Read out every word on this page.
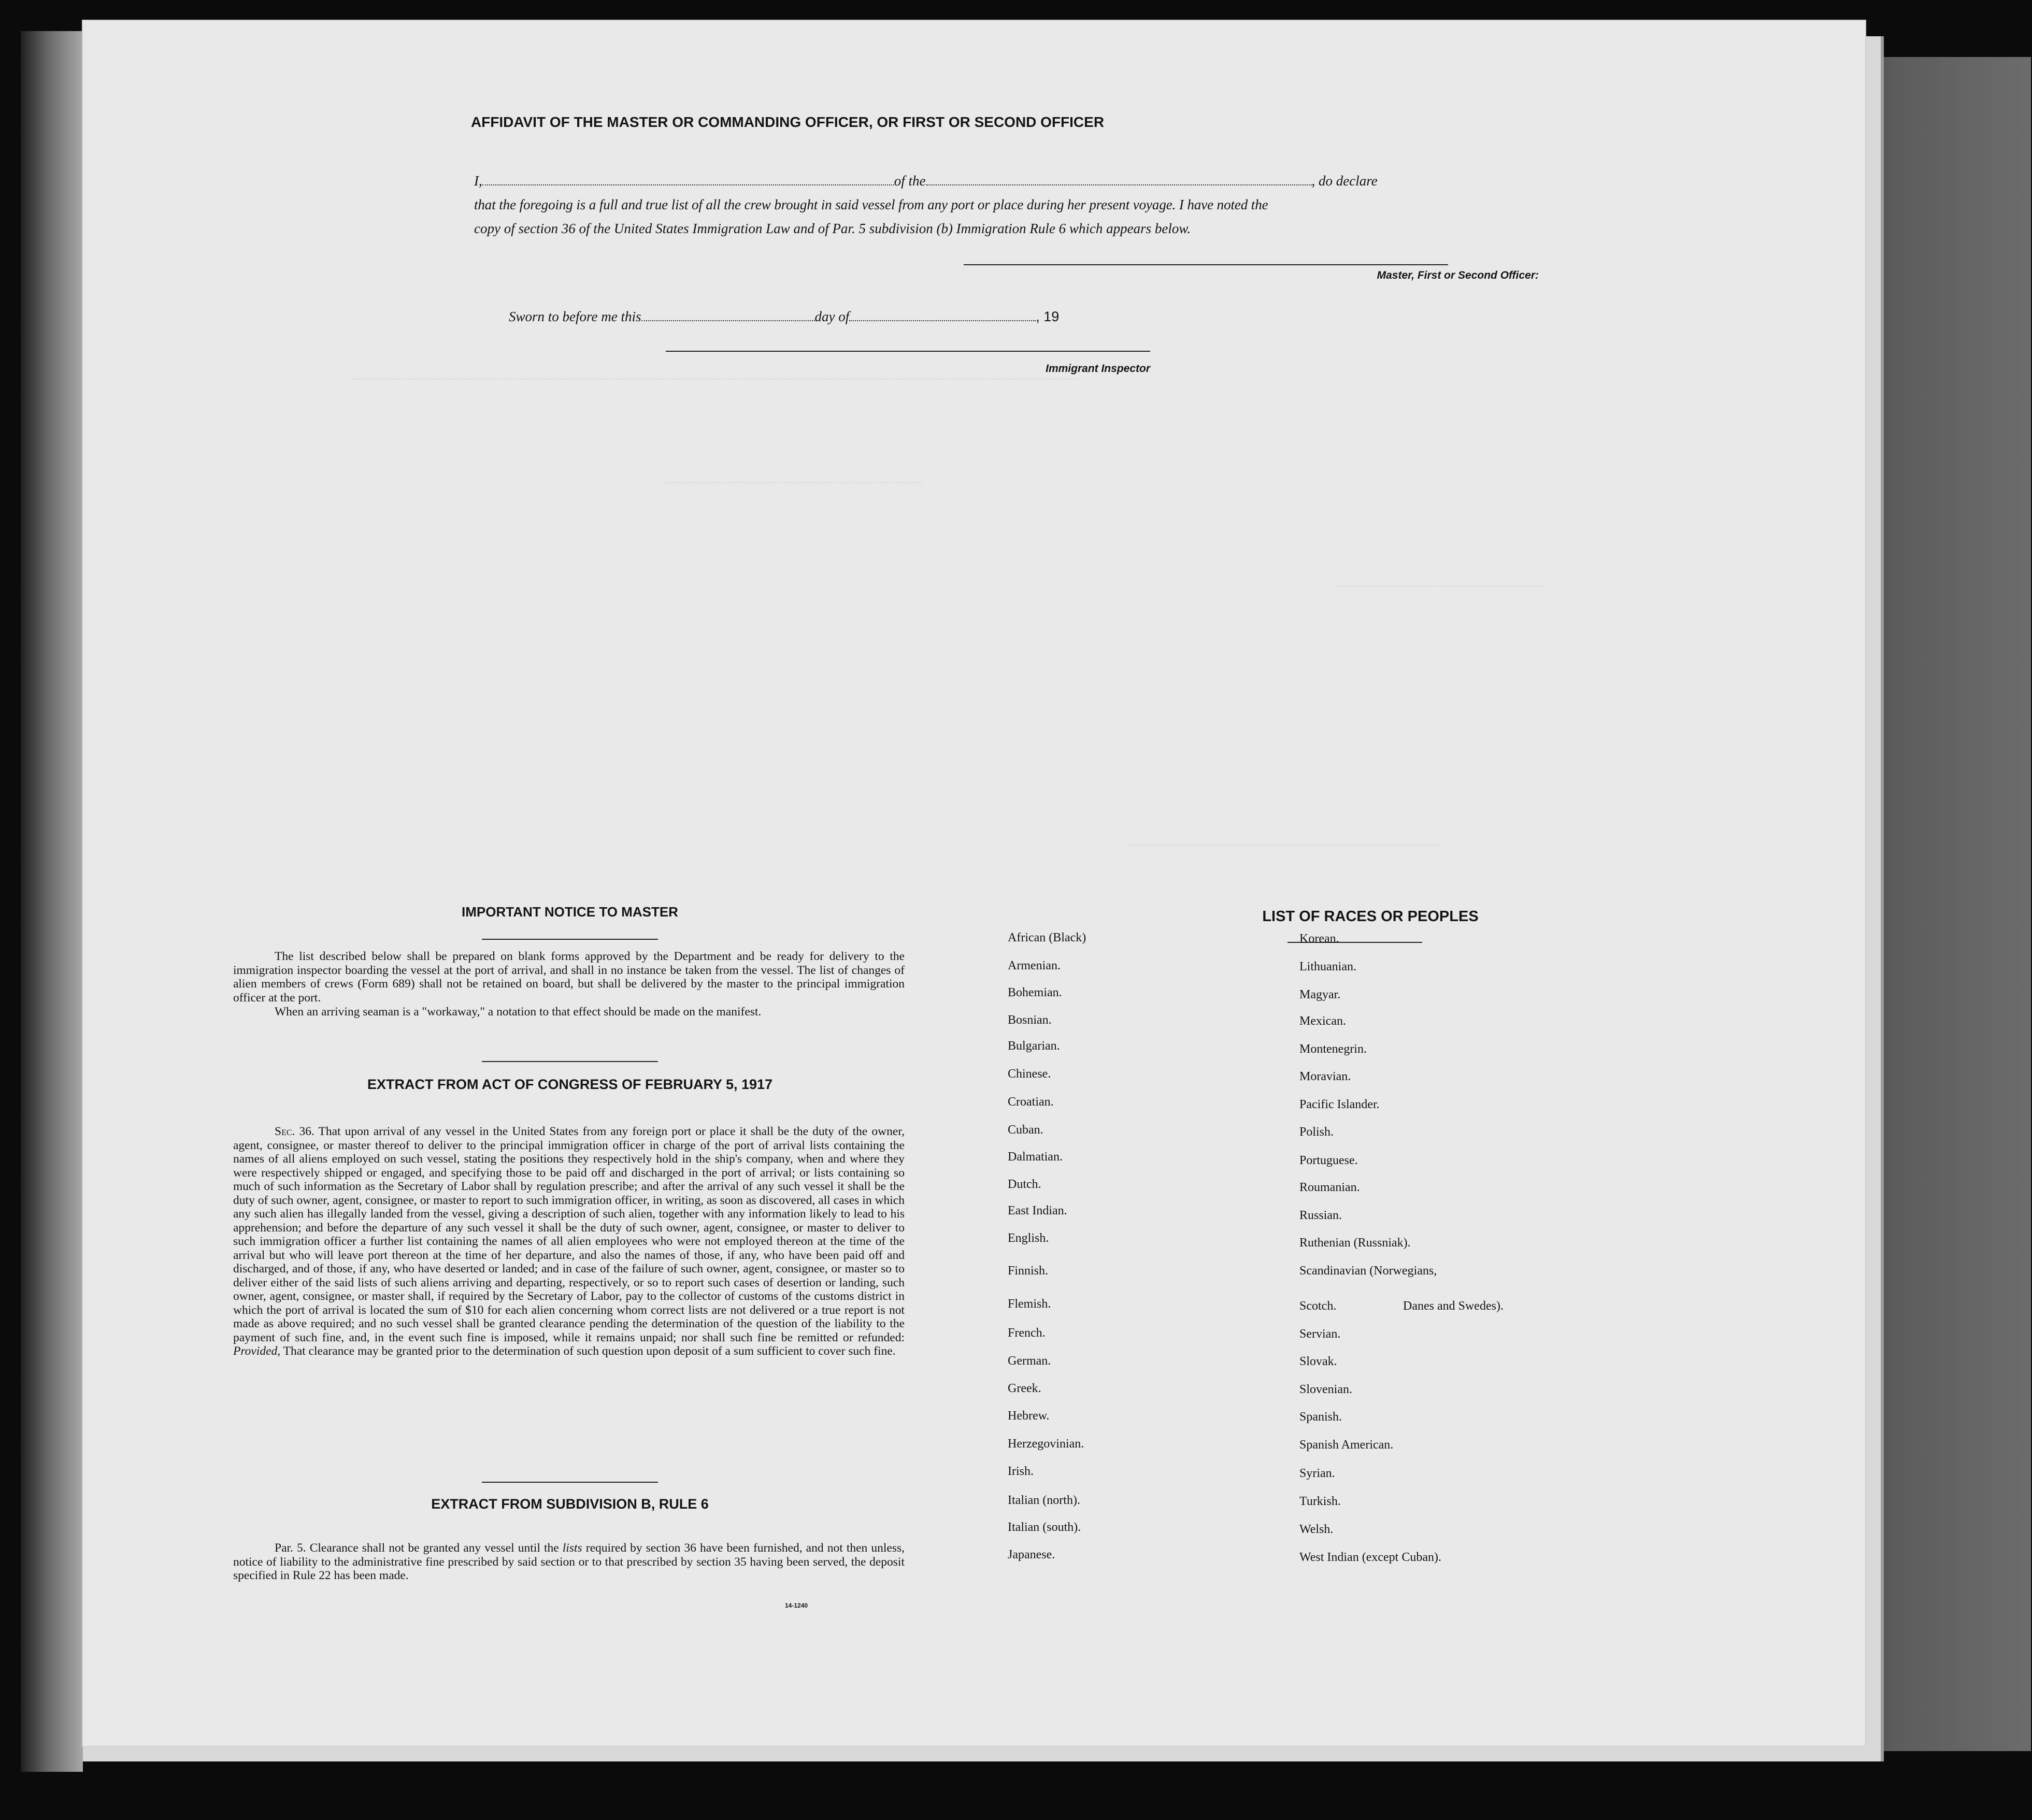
AFFIDAVIT OF THE MASTER OR COMMANDING OFFICER, OR FIRST OR SECOND OFFICER
I,	of the	, do declare
that the foregoing is a full and true list of all the crew brought in said vessel from any port or place during her present voyage. I have noted the
copy of section 36 of the United States Immigration Law and of Par. 5 subdivision (b) Immigration Rule 6 which appears below.
Master, First or Second Officer:
Sworn to before me this	day of	, 19
Immigrant Inspector
IMPORTANT NOTICE TO MASTER
The list described below shall be prepared on blank forms approved by the Department and be ready for delivery to the immigration inspector boarding the vessel at the port of arrival, and shall in no instance be taken from the vessel. The list of changes of alien members of crews (Form 689) shall not be retained on board, but shall be delivered by the master to the principal immigration officer at the port.
When an arriving seaman is a "workaway," a notation to that effect should be made on the manifest.
EXTRACT FROM ACT OF CONGRESS OF FEBRUARY 5, 1917
Sec. 36. That upon arrival of any vessel in the United States from any foreign port or place it shall be the duty of the owner, agent, consignee, or master thereof to deliver to the principal immigration officer in charge of the port of arrival lists containing the names of all aliens employed on such vessel, stating the positions they respectively hold in the ship's company, when and where they were respectively shipped or engaged, and specifying those to be paid off and discharged in the port of arrival; or lists containing so much of such information as the Secretary of Labor shall by regulation prescribe; and after the arrival of any such vessel it shall be the duty of such owner, agent, consignee, or master to report to such immigration officer, in writing, as soon as discovered, all cases in which any such alien has illegally landed from the vessel, giving a description of such alien, together with any information likely to lead to his apprehension; and before the departure of any such vessel it shall be the duty of such owner, agent, consignee, or master to deliver to such immigration officer a further list containing the names of all alien employees who were not employed thereon at the time of the arrival but who will leave port thereon at the time of her departure, and also the names of those, if any, who have been paid off and discharged, and of those, if any, who have deserted or landed; and in case of the failure of such owner, agent, consignee, or master so to deliver either of the said lists of such aliens arriving and departing, respectively, or so to report such cases of desertion or landing, such owner, agent, consignee, or master shall, if required by the Secretary of Labor, pay to the collector of customs of the customs district in which the port of arrival is located the sum of $10 for each alien concerning whom correct lists are not delivered or a true report is not made as above required; and no such vessel shall be granted clearance pending the determination of the question of the liability to the payment of such fine, and, in the event such fine is imposed, while it remains unpaid; nor shall such fine be remitted or refunded: Provided, That clearance may be granted prior to the determination of such question upon deposit of a sum sufficient to cover such fine.
EXTRACT FROM SUBDIVISION B, RULE 6
Par. 5. Clearance shall not be granted any vessel until the lists required by section 36 have been furnished, and not then unless, notice of liability to the administrative fine prescribed by said section or to that prescribed by section 35 having been served, the deposit specified in Rule 22 has been made.
14-1240
LIST OF RACES OR PEOPLES
African (Black)
Armenian.
Bohemian.
Bosnian.
Bulgarian.
Chinese.
Croatian.
Cuban.
Dalmatian.
Dutch.
East Indian.
English.
Finnish.
Flemish.
French.
German.
Greek.
Hebrew.
Herzegovinian.
Irish.
Italian (north).
Italian (south).
Japanese.
Korean.
Lithuanian.
Magyar.
Mexican.
Montenegrin.
Moravian.
Pacific Islander.
Polish.
Portuguese.
Roumanian.
Russian.
Ruthenian (Russniak).
Scandinavian (Norwegians,
Scotch.
Servian.
Slovak.
Slovenian.
Spanish.
Spanish American.
Syrian.
Turkish.
Welsh.
West Indian (except Cuban).
Danes and Swedes).
